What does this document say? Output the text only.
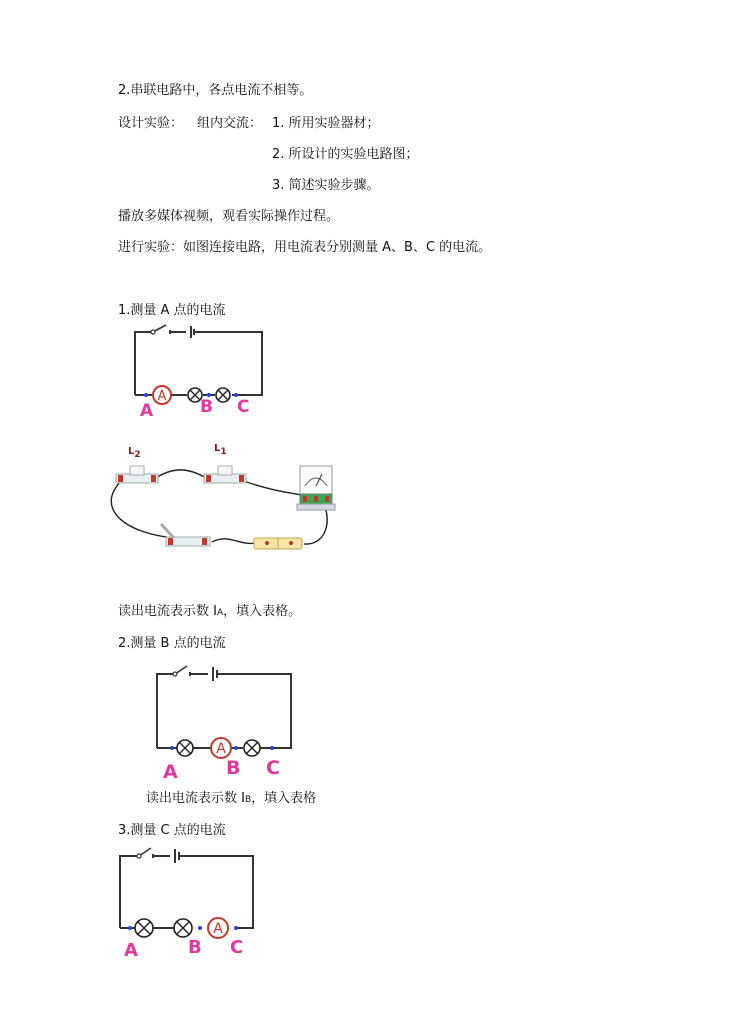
2.串联电路中，各点电流不相等。
设计实验： 组内交流： 1. 所用实验器材；
2. 所设计的实验电路图；
3. 简述实验步骤。
播放多媒体视频，观看实际操作过程。
进行实验：如图连接电路，用电流表分别测量 A、B、C 的电流。
1.测量 A 点的电流
A
A	B C
L2
L1
读出电流表示数 IA，填入表格。
2.测量 B 点的电流
A
A	B C
读出电流表示数 IB，填入表格
3.测量 C 点的电流
A
A	B C
